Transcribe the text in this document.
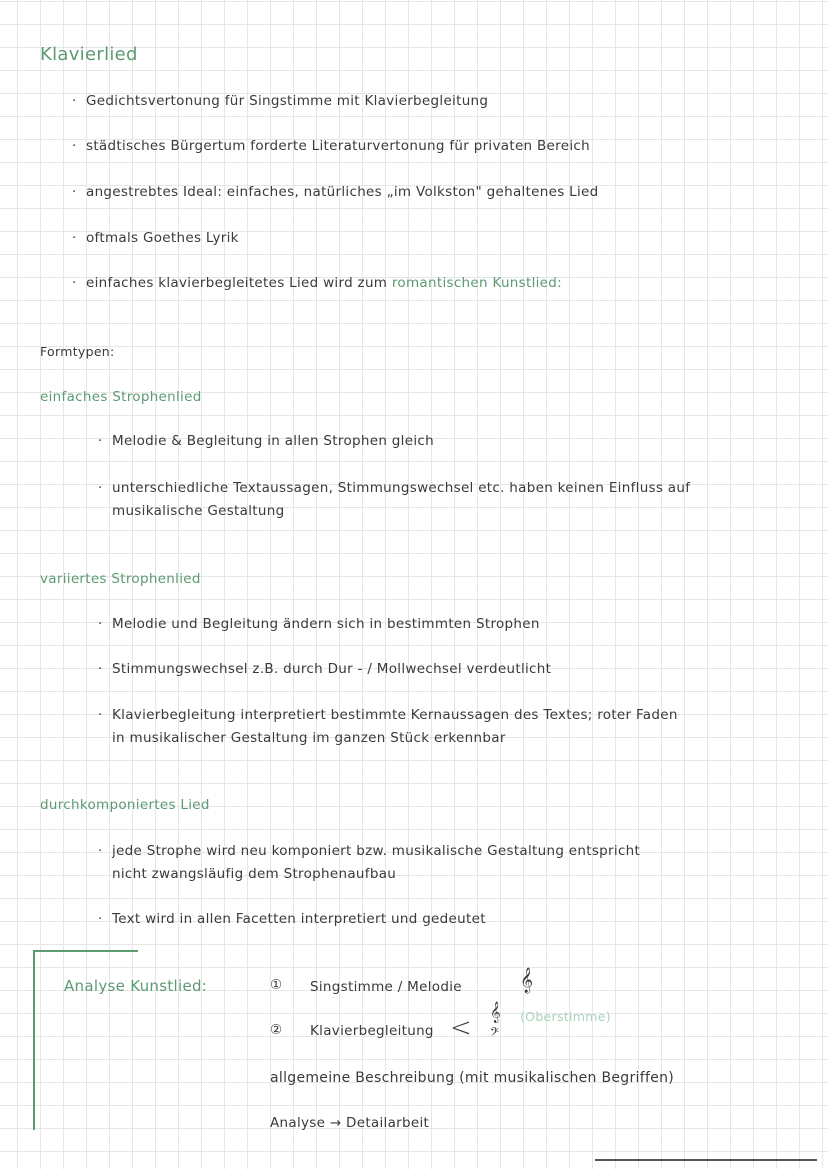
Klavierlied
· Gedichtsvertonung für Singstimme mit Klavierbegleitung
· städtisches Bürgertum forderte Literaturvertonung für privaten Bereich
· angestrebtes Ideal: einfaches, natürliches „im Volkston" gehaltenes Lied
· oftmals Goethes Lyrik
· einfaches klavierbegleitetes Lied wird zum romantischen Kunstlied:
Formtypen:
einfaches Strophenlied
· Melodie & Begleitung in allen Strophen gleich
· unterschiedliche Textaussagen, Stimmungswechsel etc. haben keinen Einfluss auf
musikalische Gestaltung
variiertes Strophenlied
· Melodie und Begleitung ändern sich in bestimmten Strophen
· Stimmungswechsel z.B. durch Dur - / Mollwechsel verdeutlicht
· Klavierbegleitung interpretiert bestimmte Kernaussagen des Textes; roter Faden
in musikalischer Gestaltung im ganzen Stück erkennbar
durchkomponiertes Lied
· jede Strophe wird neu komponiert bzw. musikalische Gestaltung entspricht
nicht zwangsläufig dem Strophenaufbau
· Text wird in allen Facetten interpretiert und gedeutet
Analyse Kunstlied:	① Singstimme / Melodie	𝄞
② Klavierbegleitung <
𝄞
𝄢
(Oberstimme)
allgemeine Beschreibung (mit musikalischen Begriffen)
Analyse → Detailarbeit
